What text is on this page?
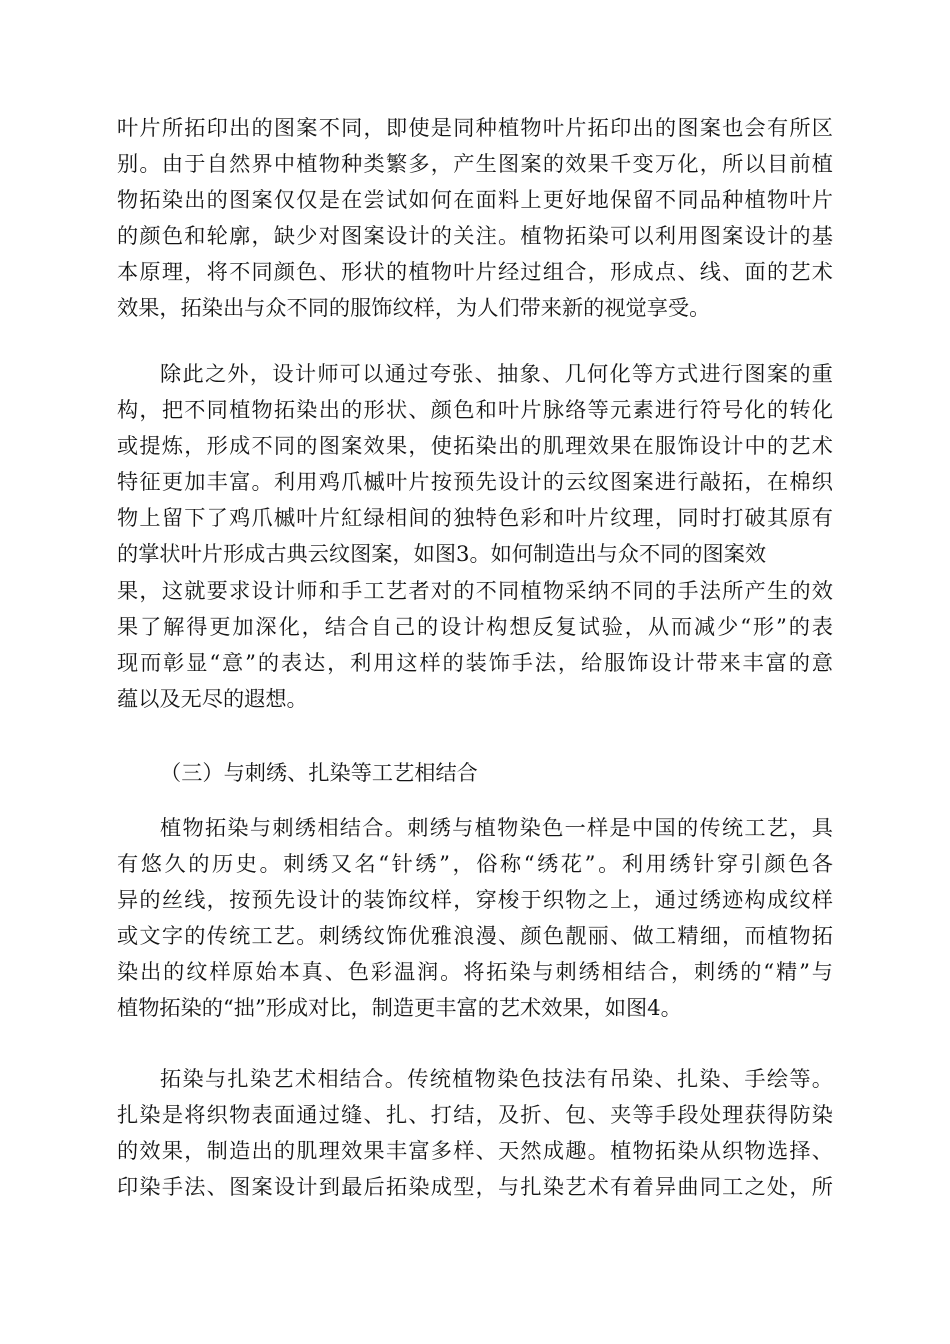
叶片所拓印出的图案不同，即使是同种植物叶片拓印出的图案也会有所区
别。由于自然界中植物种类繁多，产生图案的效果千变万化，所以目前植
物拓染出的图案仅仅是在尝试如何在面料上更好地保留不同品种植物叶片
的颜色和轮廓，缺少对图案设计的关注。植物拓染可以利用图案设计的基
本原理，将不同颜色、形状的植物叶片经过组合，形成点、线、面的艺术
效果，拓染出与众不同的服饰纹样，为人们带来新的视觉享受。
除此之外，设计师可以通过夸张、抽象、几何化等方式进行图案的重
构，把不同植物拓染出的形状、颜色和叶片脉络等元素进行符号化的转化
或提炼，形成不同的图案效果，使拓染出的肌理效果在服饰设计中的艺术
特征更加丰富。利用鸡爪槭叶片按预先设计的云纹图案进行敲拓，在棉织
物上留下了鸡爪槭叶片紅绿相间的独特色彩和叶片纹理，同时打破其原有
的掌状叶片形成古典云纹图案，如图3。如何制造出与众不同的图案效
果，这就要求设计师和手工艺者对的不同植物采纳不同的手法所产生的效
果了解得更加深化，结合自己的设计构想反复试验，从而减少“形”的表
现而彰显“意”的表达，利用这样的装饰手法，给服饰设计带来丰富的意
蕴以及无尽的遐想。
（三）与刺绣、扎染等工艺相结合
植物拓染与刺绣相结合。刺绣与植物染色一样是中国的传统工艺，具
有悠久的历史。刺绣又名“针绣”，俗称“绣花”。利用绣针穿引颜色各
异的丝线，按预先设计的装饰纹样，穿梭于织物之上，通过绣迹构成纹样
或文字的传统工艺。刺绣纹饰优雅浪漫、颜色靓丽、做工精细，而植物拓
染出的纹样原始本真、色彩温润。将拓染与刺绣相结合，刺绣的“精”与
植物拓染的“拙”形成对比，制造更丰富的艺术效果，如图4。
拓染与扎染艺术相结合。传统植物染色技法有吊染、扎染、手绘等。
扎染是将织物表面通过缝、扎、打结，及折、包、夹等手段处理获得防染
的效果，制造出的肌理效果丰富多样、天然成趣。植物拓染从织物选择、
印染手法、图案设计到最后拓染成型，与扎染艺术有着异曲同工之处，所
